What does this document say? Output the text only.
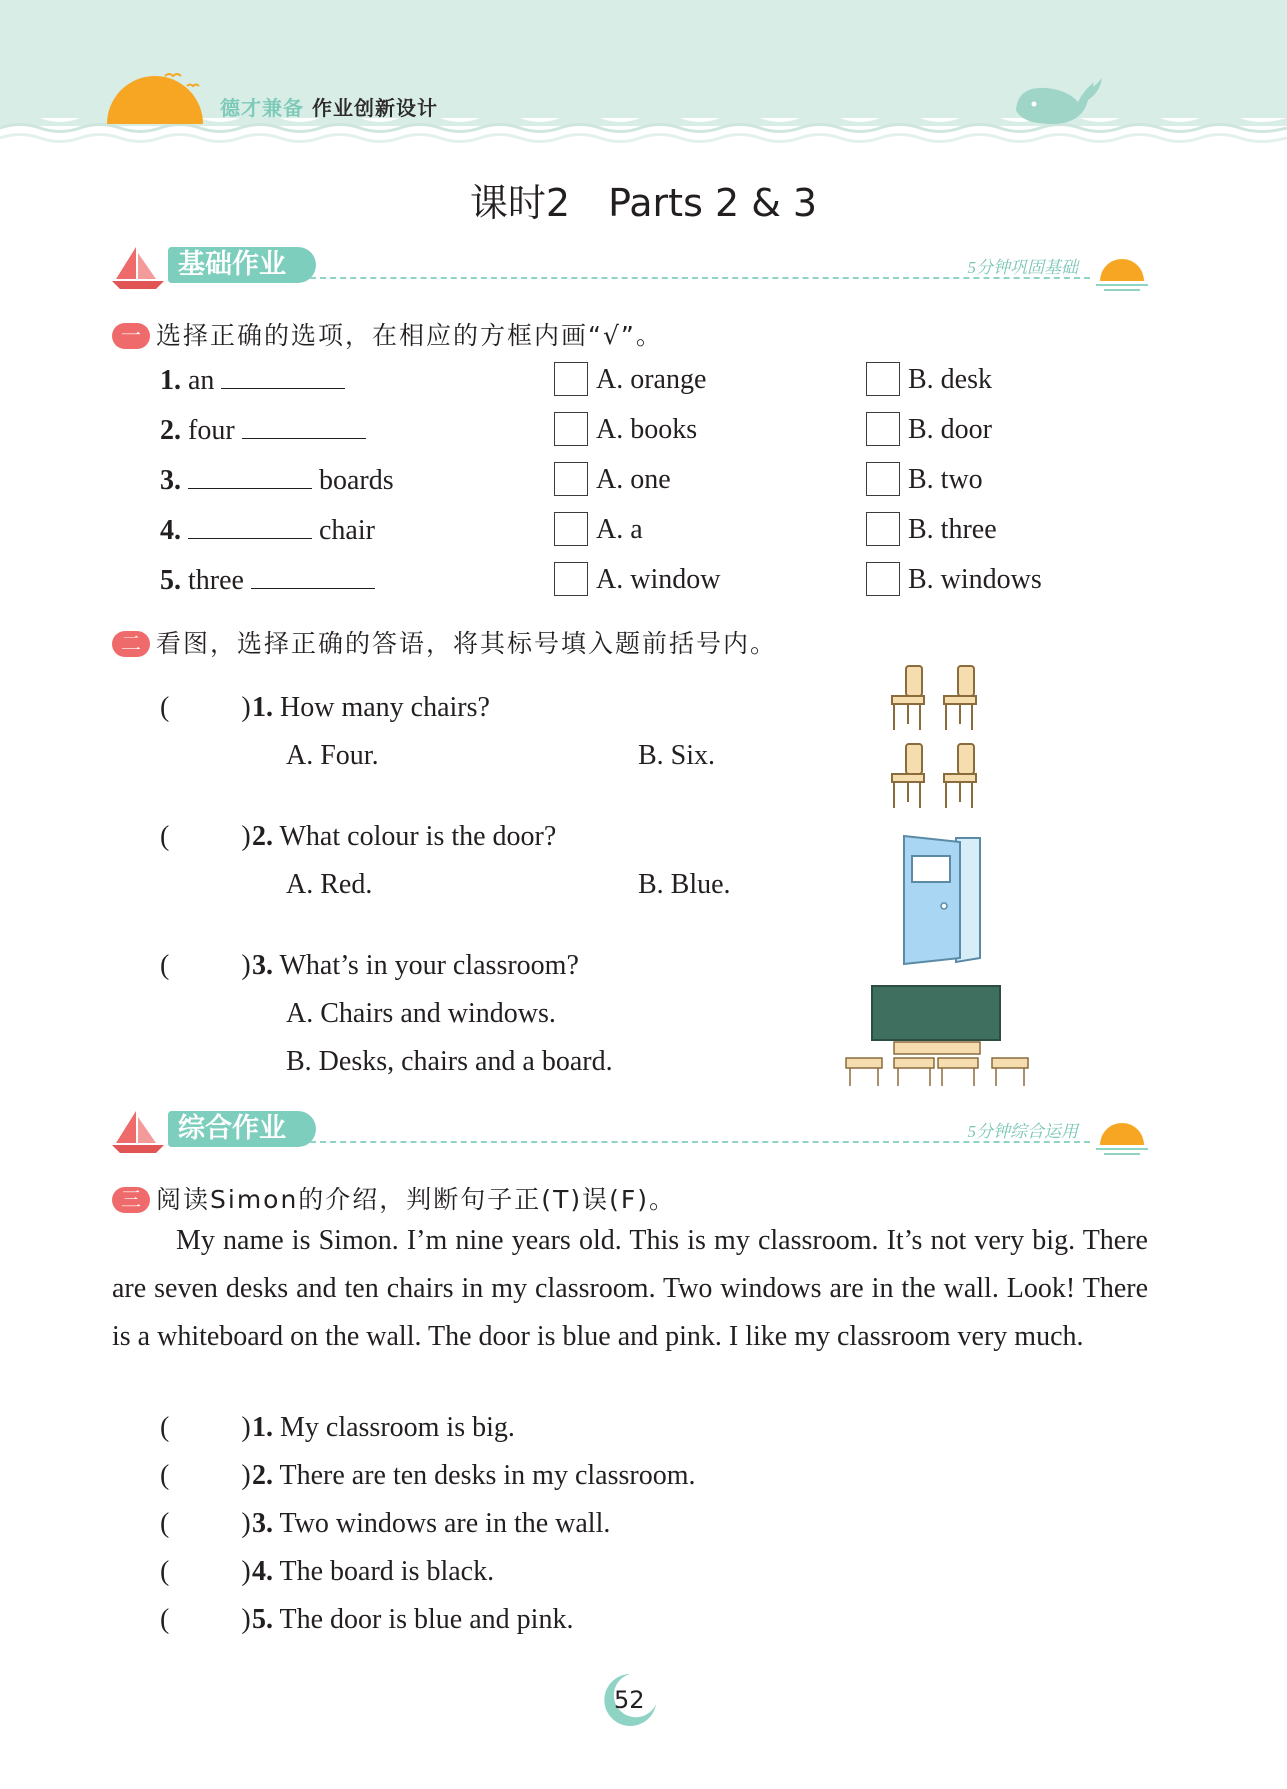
德才兼备 作业创新设计
课时2　Parts 2 & 3
基础作业	5分钟巩固基础
一 选择正确的选项，在相应的方框内画“√”。
1. an	A. orange	B. desk
2. four	A. books	B. door
3.	boards	A. one	B. two
4.	chair	A. a	B. three
5. three	A. window	B. windows
二 看图，选择正确的答语，将其标号填入题前括号内。
(	) 1. How many chairs?
A. Four.	B. Six.
(	) 2. What colour is the door?
A. Red.	B. Blue.
(	) 3. What’s in your classroom?
A. Chairs and windows.
B. Desks, chairs and a board.
综合作业	5分钟综合运用
三 阅读Simon的介绍，判断句子正(T)误(F)。
My name is Simon. I’m nine years old. This is my classroom. It’s not very big. There are seven desks and ten chairs in my classroom. Two windows are in the wall. Look! There is a whiteboard on the wall. The door is blue and pink. I like my classroom very much.
(	) 1. My classroom is big.
(	) 2. There are ten desks in my classroom.
(	) 3. Two windows are in the wall.
(	) 4. The board is black.
(	) 5. The door is blue and pink.
52
